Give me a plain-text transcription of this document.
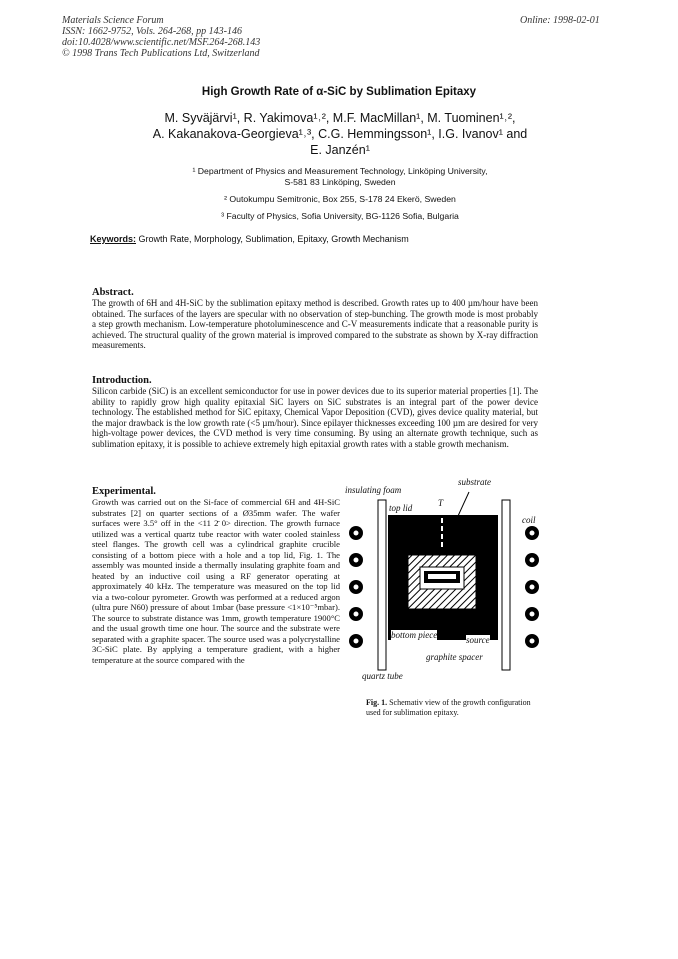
Materials Science Forum
ISSN: 1662-9752, Vols. 264-268, pp 143-146
doi:10.4028/www.scientific.net/MSF.264-268.143
© 1998 Trans Tech Publications Ltd, Switzerland
Online: 1998-02-01
High Growth Rate of α-SiC by Sublimation Epitaxy
M. Syväjärvi¹, R. Yakimova¹˒², M.F. MacMillan¹, M. Tuominen¹˒²,
A. Kakanakova-Georgieva¹˒³, C.G. Hemmingsson¹, I.G. Ivanov¹ and
E. Janzén¹
¹ Department of Physics and Measurement Technology, Linköping University,
S-581 83 Linköping, Sweden
² Outokumpu Semitronic, Box 255, S-178 24 Ekerö, Sweden
³ Faculty of Physics, Sofia University, BG-1126 Sofia, Bulgaria
Keywords: Growth Rate, Morphology, Sublimation, Epitaxy, Growth Mechanism
Abstract.
The growth of 6H and 4H-SiC by the sublimation epitaxy method is described. Growth rates up to 400 µm/hour have been obtained. The surfaces of the layers are specular with no observation of step-bunching. The growth mode is most probably a step growth mechanism. Low-temperature photoluminescence and C-V measurements indicate that a reasonable purity is achieved. The structural quality of the grown material is improved compared to the substrate as shown by X-ray diffraction measurements.
Introduction.
Silicon carbide (SiC) is an excellent semiconductor for use in power devices due to its superior material properties [1]. The ability to rapidly grow high quality epitaxial SiC layers on SiC substrates is an integral part of the power device technology. The established method for SiC epitaxy, Chemical Vapor Deposition (CVD), gives device quality material, but the major drawback is the low growth rate (<5 µm/hour). Since epilayer thicknesses exceeding 100 µm are desired for very high-voltage power devices, the CVD method is very time consuming. By using an alternate growth technique, such as sublimation epitaxy, it is possible to achieve extremely high epitaxial growth rates with a stable growth mechanism.
Experimental.
Growth was carried out on the Si-face of commercial 6H and 4H-SiC substrates [2] on quarter sections of a Ø35mm wafer. The wafer surfaces were 3.5° off in the <11 2̄ 0> direction. The growth furnace utilized was a vertical quartz tube reactor with water cooled stainless steel flanges. The growth cell was a cylindrical graphite crucible consisting of a bottom piece with a hole and a top lid, Fig. 1. The assembly was mounted inside a thermally insulating graphite foam and heated by an inductive coil using a RF generator operating at approximately 40 kHz. The temperature was measured on the top lid via a two-colour pyrometer. Growth was performed at a reduced argon (ultra pure N60) pressure of about 1mbar (base pressure <1×10⁻⁵mbar). The source to substrate distance was 1mm, growth temperature 1900°C and the usual growth time one hour. The source and the substrate were separated with a graphite spacer. The source used was a polycrystalline 3C-SiC plate. By applying a temperature gradient, with a higher temperature at the source compared with the
insulating foam
substrate
top lid	T
coil
bottom piece	source
graphite spacer
quartz tube
Fig. 1. Schemativ view of the growth configuration used for sublimation epitaxy.
